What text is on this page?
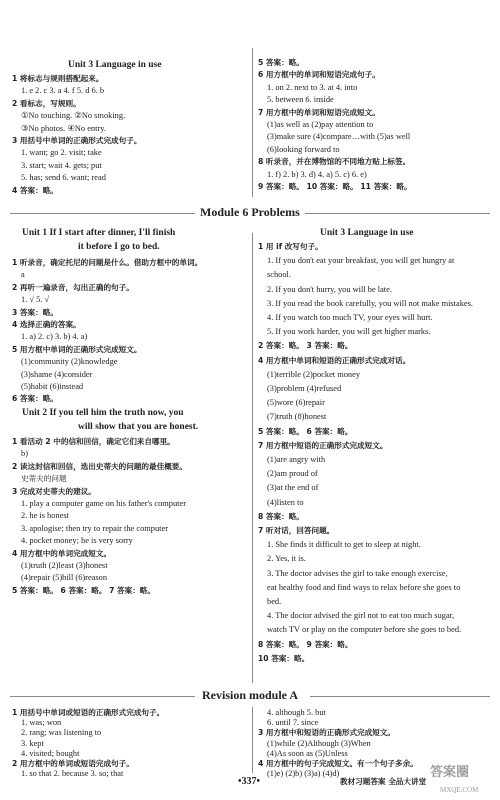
Unit 3 Language in use
1 将标志与规则搭配起来。
1. e 2. c 3. a 4. f 5. d 6. b
2 看标志，写规则。
①No touching. ②No smoking.
③No photos. ④No entry.
3 用括号中单词的正确形式完成句子。
1. want; go 2. visit; take
3. start; wait 4. gets; put
5. has; send 6. want; read
4 答案：略。
5 答案：略。
6 用方框中的单词和短语完成句子。
1. on 2. next to 3. at 4. into
5. between 6. inside
7 用方框中的单词和短语完成短文。
(1)as well as (2)pay attention to
(3)make sure (4)compare…with (5)as well
(6)looking forward to
8 听录音，并在博物馆的不同地方贴上标签。
1. f) 2. b) 3. d) 4. a) 5. c) 6. e)
9 答案：略。 10 答案：略。 11 答案：略。
Module 6 Problems
Unit 1 If I start after dinner, I'll finish
it before I go to bed.
1 听录音，确定托尼的问题是什么。借助方框中的单词。
a
2 再听一遍录音，勾出正确的句子。
1. √ 5. √
3 答案：略。
4 选择正确的答案。
1. a) 2. c) 3. b) 4. a)
5 用方框中单词的正确形式完成短文。
(1)community (2)knowledge
(3)shame (4)consider
(5)habit (6)instead
6 答案：略。
Unit 2 If you tell him the truth now, you
will show that you are honest.
1 看活动 2 中的信和回信，确定它们来自哪里。
b)
2 读这封信和回信，选出史蒂夫的问题的最佳概要。
史蒂夫的问题
3 完成对史蒂夫的建议。
1. play a computer game on his father's computer
2. he is honest
3. apologise; then try to repair the computer
4. pocket money; he is very sorry
4 用方框中的单词完成短文。
(1)truth (2)least (3)honest
(4)repair (5)bill (6)reason
5 答案：略。 6 答案：略。 7 答案：略。
Unit 3 Language in use
1 用 if 改写句子。
1. If you don't eat your breakfast, you will get hungry at
school.
2. If you don't hurry, you will be late.
3. If you read the book carefully, you will not make mistakes.
4. If you watch too much TV, your eyes will hurt.
5. If you work harder, you will get higher marks.
2 答案：略。 3 答案：略。
4 用方框中单词和短语的正确形式完成对话。
(1)terrible (2)pocket money
(3)problem (4)refused
(5)wore (6)repair
(7)truth (8)honest
5 答案：略。 6 答案：略。
7 用方框中短语的正确形式完成短文。
(1)are angry with
(2)am proud of
(3)at the end of
(4)listen to
8 答案：略。
7 听对话，回答问题。
1. She finds it difficult to get to sleep at night.
2. Yes, it is.
3. The doctor advises the girl to take enough exercise,
eat healthy food and find ways to relax before she goes to
bed.
4. The doctor advised the girl not to eat too much sugar,
watch TV or play on the computer before she goes to bed.
8 答案：略。 9 答案：略。
10 答案：略。
Revision module A
1 用括号中单词或短语的正确形式完成句子。
1. was; won
2. rang; was listening to
3. kept
4. visited; bought
2 用方框中的单词或短语完成句子。
1. so that 2. because 3. so; that
4. although 5. but
6. until 7. since
3 用方框中和短语的正确形式完成短文。
(1)while (2)Although (3)When
(4)As soon as (5)Unless
4 用方框中的句子完成短文。有一个句子多余。
(1)e) (2)b) (3)a) (4)d)
•337•	教材习题答案 全品大讲堂
答案圈
MXQE.COM
